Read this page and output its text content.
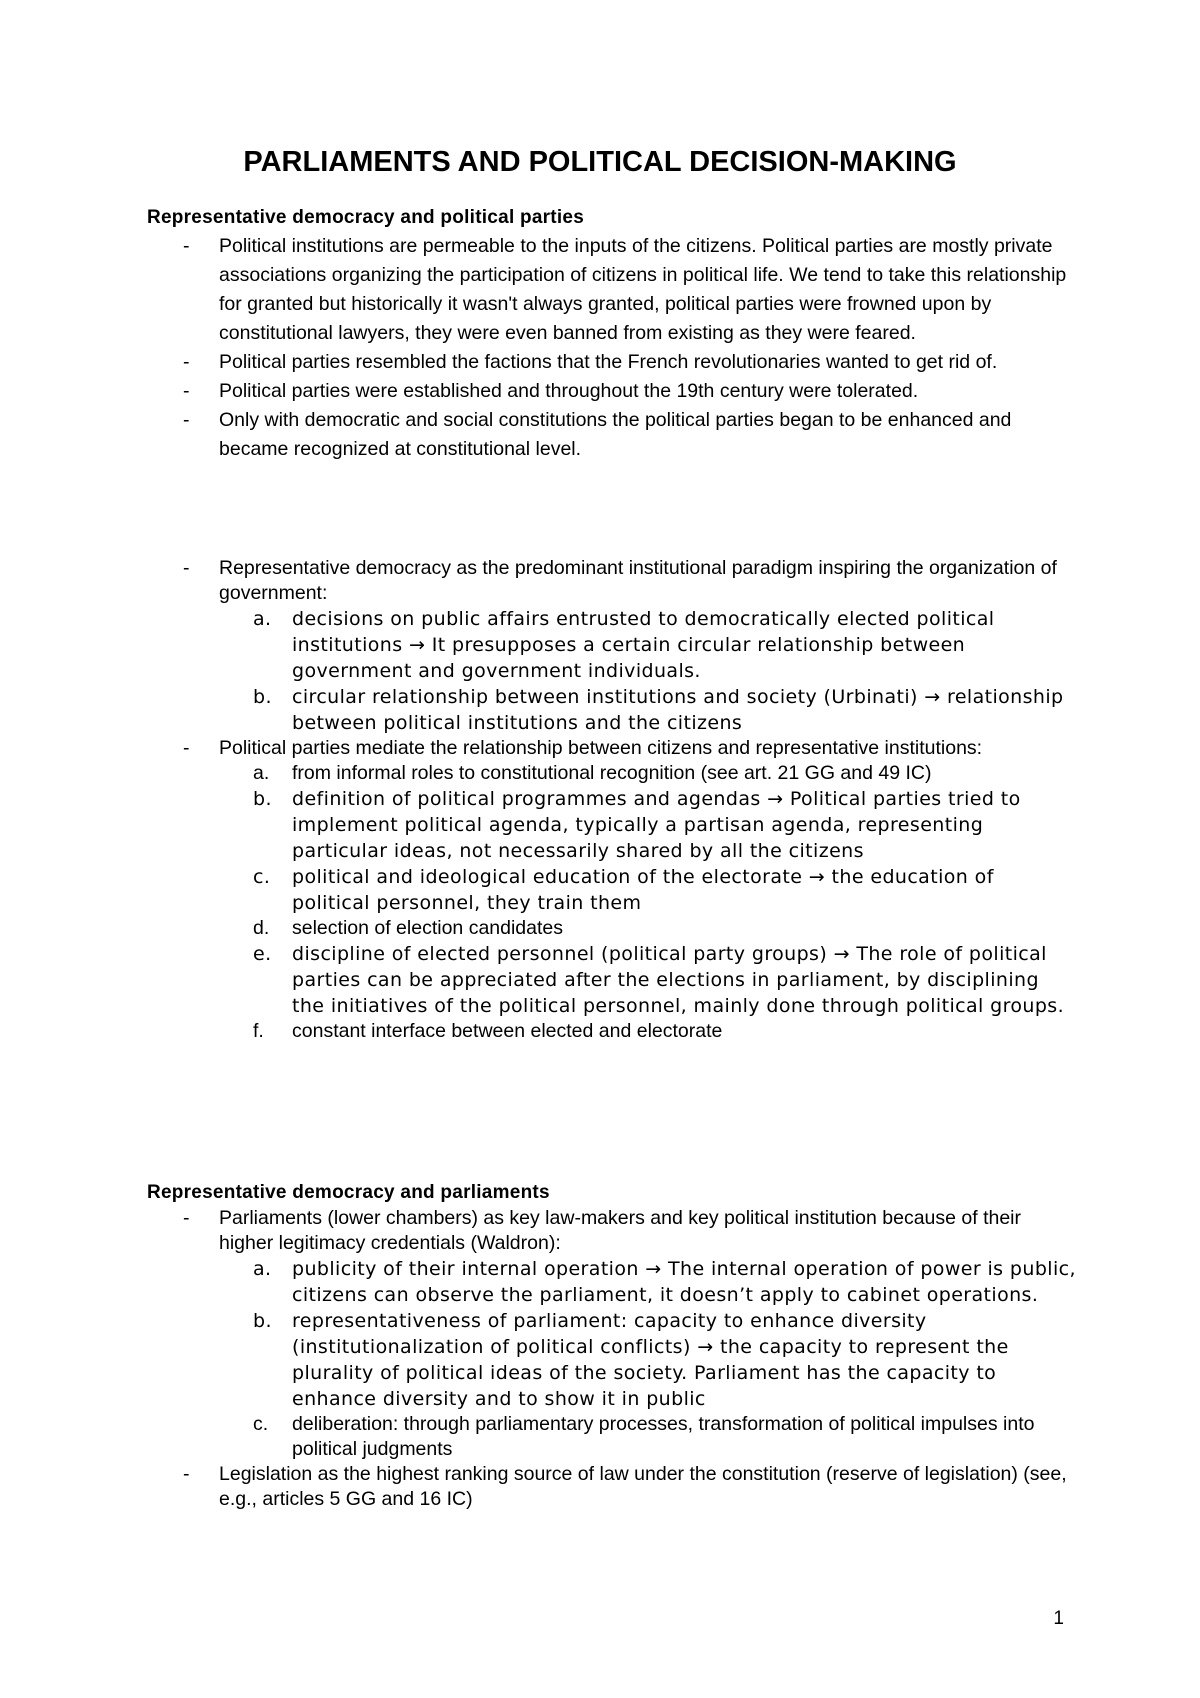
PARLIAMENTS AND POLITICAL DECISION-MAKING
Representative democracy and political parties
- Political institutions are permeable to the inputs of the citizens. Political parties are mostly private associations organizing the participation of citizens in political life. We tend to take this relationship for granted but historically it wasn't always granted, political parties were frowned upon by constitutional lawyers, they were even banned from existing as they were feared.
- Political parties resembled the factions that the French revolutionaries wanted to get rid of.
- Political parties were established and throughout the 19th century were tolerated.
- Only with democratic and social constitutions the political parties began to be enhanced and became recognized at constitutional level.
- Representative democracy as the predominant institutional paradigm inspiring the organization of government:
a. decisions on public affairs entrusted to democratically elected political institutions → It presupposes a certain circular relationship between government and government individuals.
b. circular relationship between institutions and society (Urbinati) → relationship between political institutions and the citizens
- Political parties mediate the relationship between citizens and representative institutions:
a. from informal roles to constitutional recognition (see art. 21 GG and 49 IC)
b. definition of political programmes and agendas → Political parties tried to implement political agenda, typically a partisan agenda, representing particular ideas, not necessarily shared by all the citizens
c. political and ideological education of the electorate → the education of political personnel, they train them
d. selection of election candidates
e. discipline of elected personnel (political party groups) → The role of political parties can be appreciated after the elections in parliament, by disciplining the initiatives of the political personnel, mainly done through political groups.
f. constant interface between elected and electorate
Representative democracy and parliaments
- Parliaments (lower chambers) as key law-makers and key political institution because of their higher legitimacy credentials (Waldron):
a. publicity of their internal operation → The internal operation of power is public, citizens can observe the parliament, it doesn’t apply to cabinet operations.
b. representativeness of parliament: capacity to enhance diversity (institutionalization of political conflicts) → the capacity to represent the plurality of political ideas of the society. Parliament has the capacity to enhance diversity and to show it in public
c. deliberation: through parliamentary processes, transformation of political impulses into political judgments
- Legislation as the highest ranking source of law under the constitution (reserve of legislation) (see, e.g., articles 5 GG and 16 IC)

1
